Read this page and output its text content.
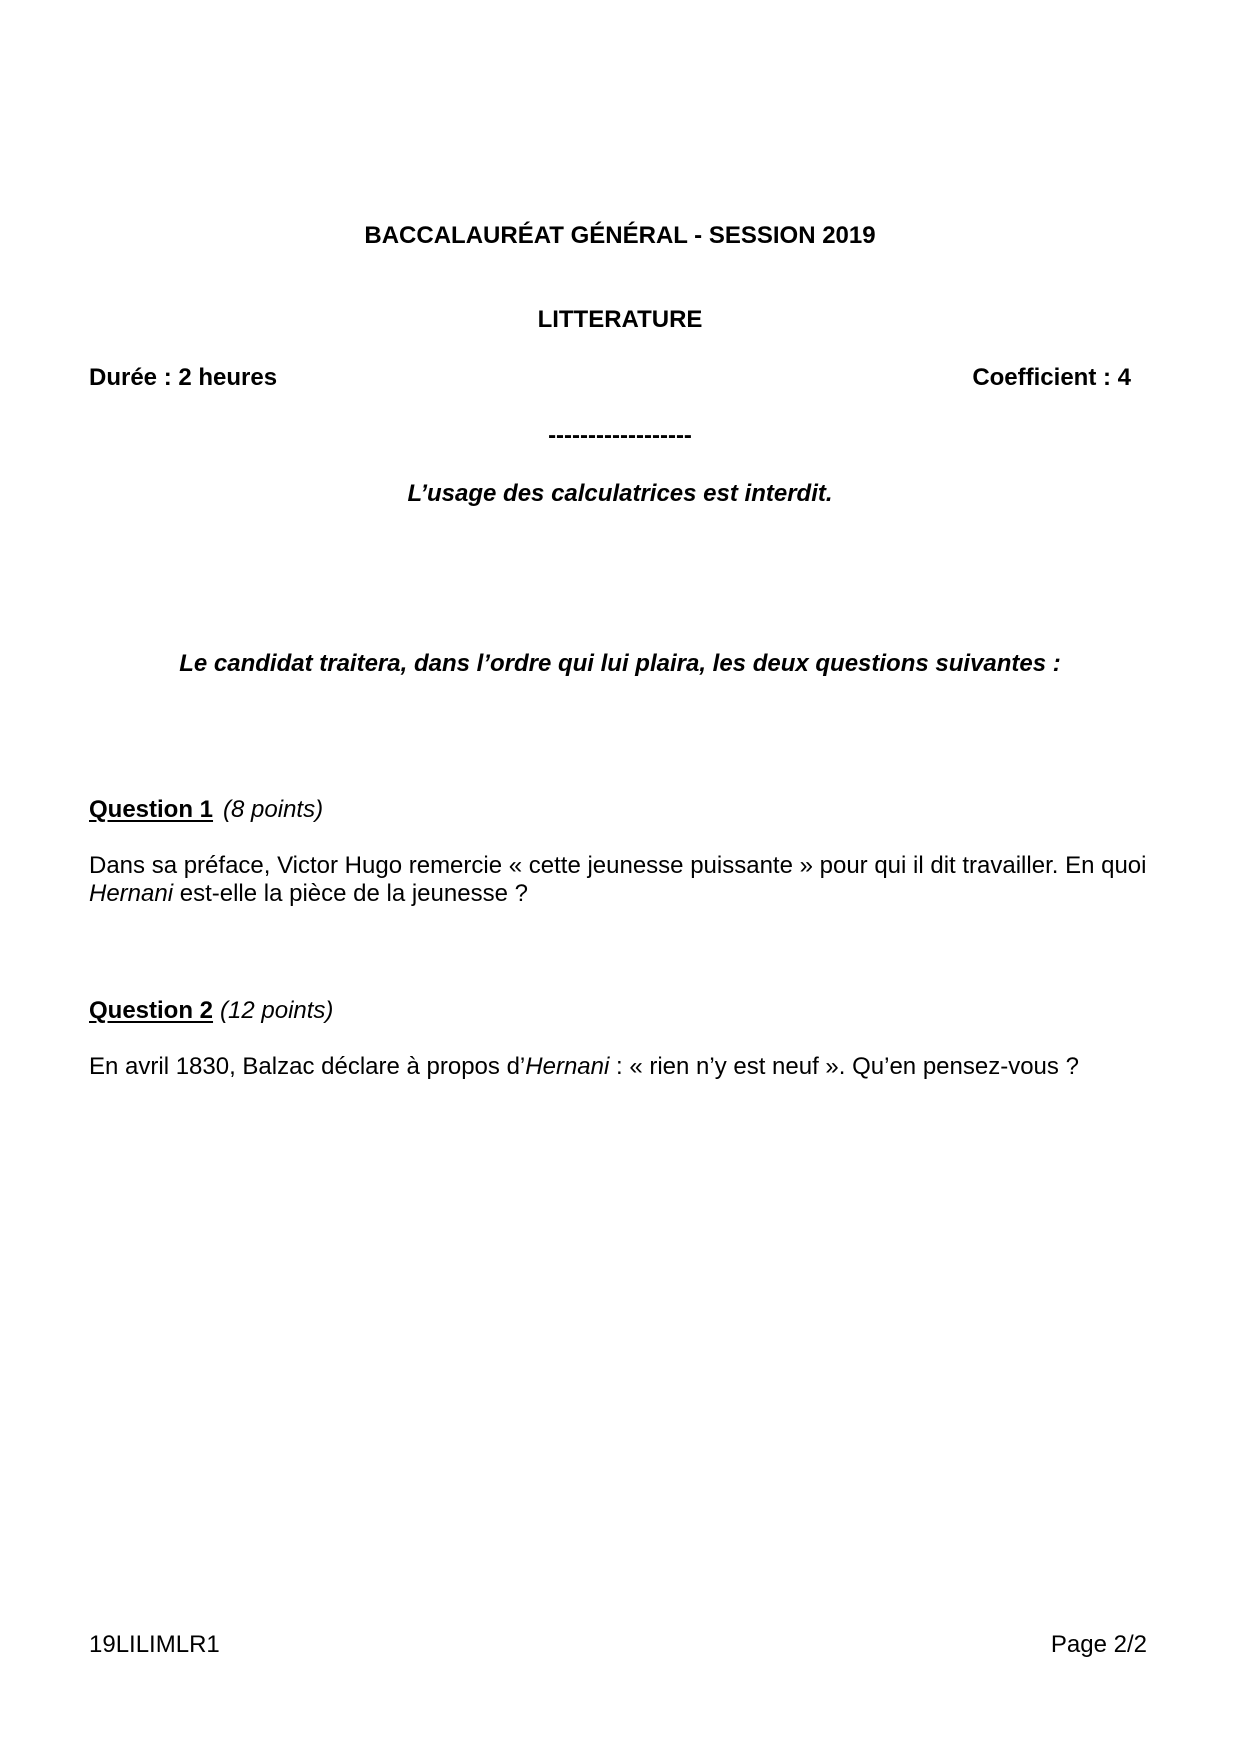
BACCALAURÉAT GÉNÉRAL - SESSION 2019
LITTERATURE
Durée : 2 heures	Coefficient : 4
------------------
L’usage des calculatrices est interdit.
Le candidat traitera, dans l’ordre qui lui plaira, les deux questions suivantes :
Question 1 (8 points)
Dans sa préface, Victor Hugo remercie « cette jeunesse puissante » pour qui il dit travailler. En quoi Hernani est-elle la pièce de la jeunesse ?
Question 2 (12 points)
En avril 1830, Balzac déclare à propos d’Hernani : « rien n’y est neuf ». Qu’en pensez-vous ?
19LILIMLR1	Page 2/2
